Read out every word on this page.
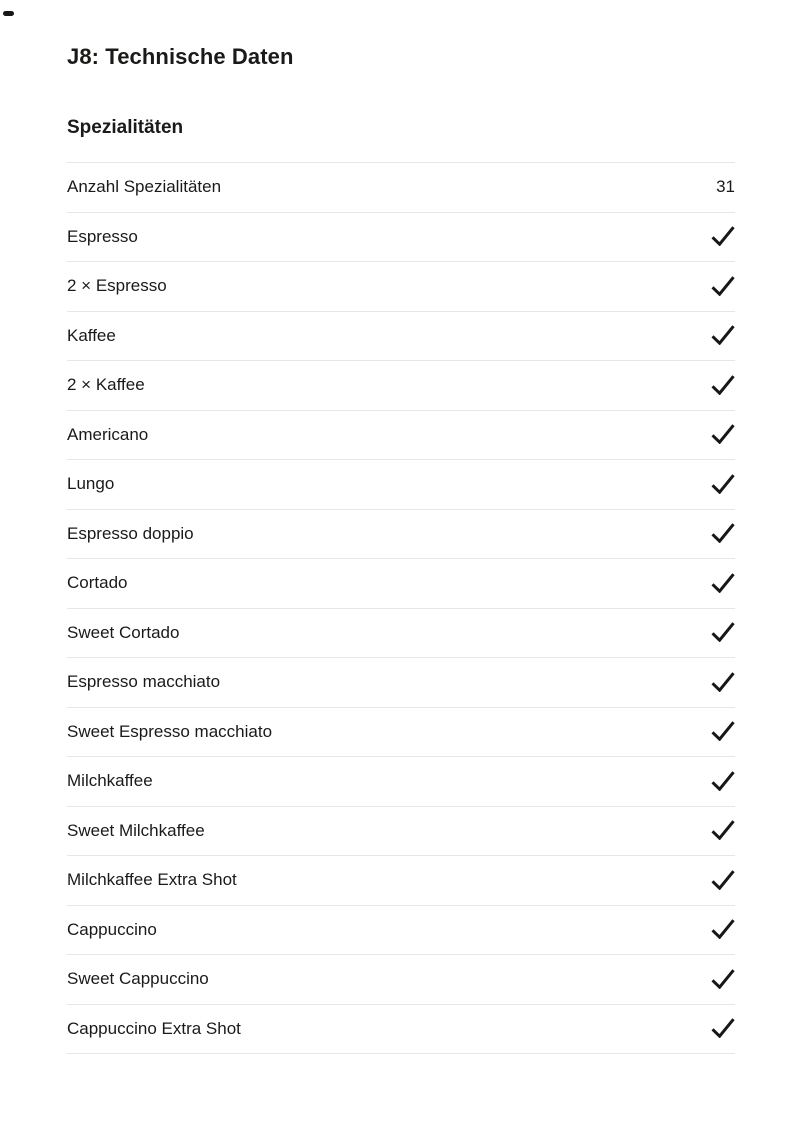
J8: Technische Daten
Spezialitäten
Anzahl Spezialitäten	31
Espresso
2 × Espresso
Kaffee
2 × Kaffee
Americano
Lungo
Espresso doppio
Cortado
Sweet Cortado
Espresso macchiato
Sweet Espresso macchiato
Milchkaffee
Sweet Milchkaffee
Milchkaffee Extra Shot
Cappuccino
Sweet Cappuccino
Cappuccino Extra Shot
